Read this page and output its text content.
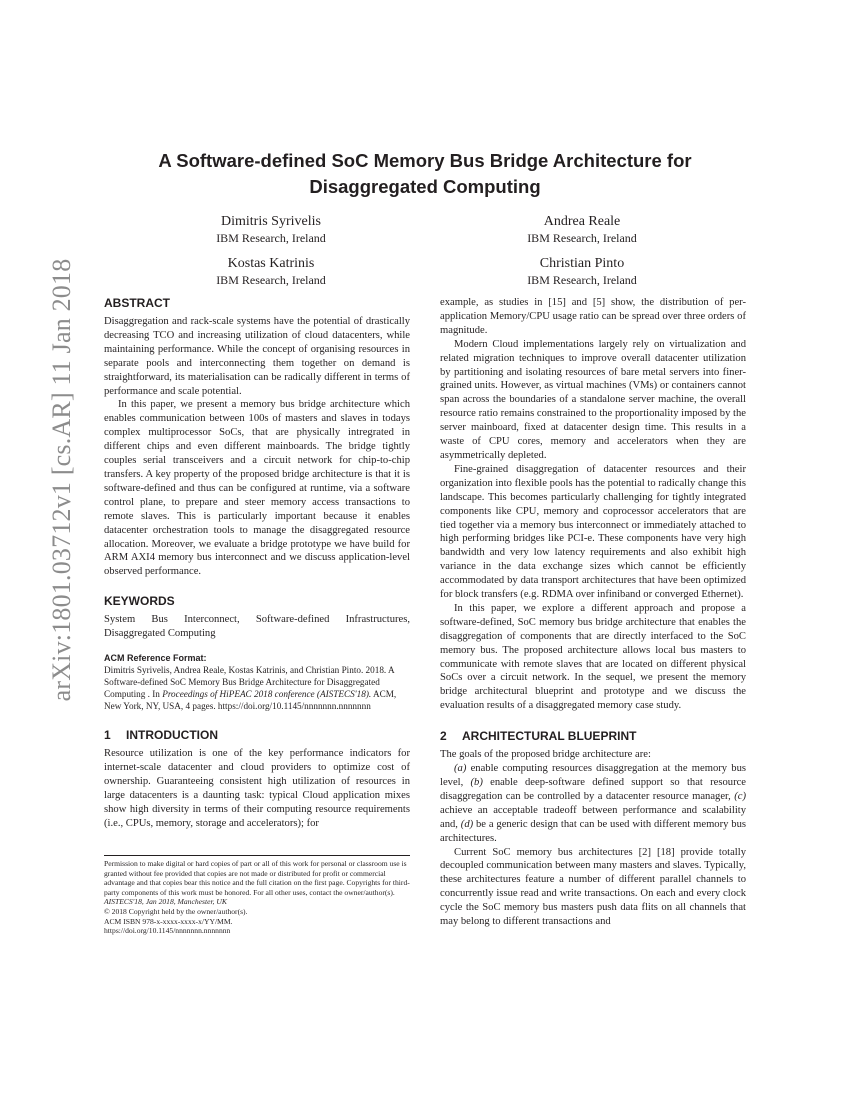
arXiv:1801.03712v1 [cs.AR] 11 Jan 2018
A Software-defined SoC Memory Bus Bridge Architecture for Disaggregated Computing
Dimitris Syrivelis
IBM Research, Ireland
Andrea Reale
IBM Research, Ireland
Kostas Katrinis
IBM Research, Ireland
Christian Pinto
IBM Research, Ireland
ABSTRACT

Disaggregation and rack-scale systems have the potential of drastically decreasing TCO and increasing utilization of cloud datacenters, while maintaining performance. While the concept of organising resources in separate pools and interconnecting them together on demand is straightforward, its materialisation can be radically different in terms of performance and scale potential.

In this paper, we present a memory bus bridge architecture which enables communication between 100s of masters and slaves in todays complex multiprocessor SoCs, that are physically intregrated in different chips and even different mainboards. The bridge tightly couples serial transceivers and a circuit network for chip-to-chip transfers. A key property of the proposed bridge architecture is that it is software-defined and thus can be configured at runtime, via a software control plane, to prepare and steer memory access transactions to remote slaves. This is particularly important because it enables datacenter orchestration tools to manage the disaggregated resource allocation. Moreover, we evaluate a bridge prototype we have build for ARM AXI4 memory bus interconnect and we discuss application-level observed performance.

KEYWORDS

System Bus Interconnect, Software-defined Infrastructures, Disaggregated Computing

ACM Reference Format:

Dimitris Syrivelis, Andrea Reale, Kostas Katrinis, and Christian Pinto. 2018. A Software-defined SoC Memory Bus Bridge Architecture for Disaggregated Computing . In Proceedings of HiPEAC 2018 conference (AISTECS'18). ACM, New York, NY, USA, 4 pages. https://doi.org/10.1145/nnnnnnn.nnnnnnn

1 INTRODUCTION

Resource utilization is one of the key performance indicators for internet-scale datacenter and cloud providers to optimize cost of ownership. Guaranteeing consistent high utilization of resources in large datacenters is a daunting task: typical Cloud application mixes show high diversity in terms of their computing resource requirements (i.e., CPUs, memory, storage and accelerators); for

Permission to make digital or hard copies of part or all of this work for personal or classroom use is granted without fee provided that copies are not made or distributed for profit or commercial advantage and that copies bear this notice and the full citation on the first page. Copyrights for third-party components of this work must be honored. For all other uses, contact the owner/author(s).

AISTECS'18, Jan 2018, Manchester, UK

© 2018 Copyright held by the owner/author(s).

ACM ISBN 978-x-xxxx-xxxx-x/YY/MM.

https://doi.org/10.1145/nnnnnnn.nnnnnnn

example, as studies in [15] and [5] show, the distribution of per-application Memory/CPU usage ratio can be spread over three orders of magnitude.

Modern Cloud implementations largely rely on virtualization and related migration techniques to improve overall datacenter utilization by partitioning and isolating resources of bare metal servers into finer-grained units. However, as virtual machines (VMs) or containers cannot span across the boundaries of a standalone server machine, the overall resource ratio remains constrained to the proportionality imposed by the server mainboard, fixed at datacenter design time. This results in a waste of CPU cores, memory and accelerators when they are asymmetrically depleted.

Fine-grained disaggregation of datacenter resources and their organization into flexible pools has the potential to radically change this landscape. This becomes particularly challenging for tightly integrated components like CPU, memory and coprocessor accelerators that are tied together via a memory bus interconnect or immediately attached to high performing bridges like PCI-e. These components have very high bandwidth and very low latency requirements and also exhibit high variance in the data exchange sizes which cannot be efficiently accommodated by data transport architectures that have been optimized for block transfers (e.g. RDMA over infiniband or converged Ethernet).

In this paper, we explore a different approach and propose a software-defined, SoC memory bus bridge architecture that enables the disaggregation of components that are directly interfaced to the SoC memory bus. The proposed architecture allows local bus masters to communicate with remote slaves that are located on different physical SoCs over a circuit network. In the sequel, we present the memory bridge architectural blueprint and prototype and we discuss the evaluation results of a disaggregated memory case study.

2 ARCHITECTURAL BLUEPRINT

The goals of the proposed bridge architecture are:

(a) enable computing resources disaggregation at the memory bus level, (b) enable deep-software defined support so that resource disaggregation can be controlled by a datacenter resource manager, (c) achieve an acceptable tradeoff between performance and scalability and, (d) be a generic design that can be used with different memory bus architectures.

Current SoC memory bus architectures [2] [18] provide totally decoupled communication between many masters and slaves. Typically, these architectures feature a number of different parallel channels to concurrently issue read and write transactions. On each and every clock cycle the SoC memory bus masters push data flits on all channels that may belong to different transactions and
